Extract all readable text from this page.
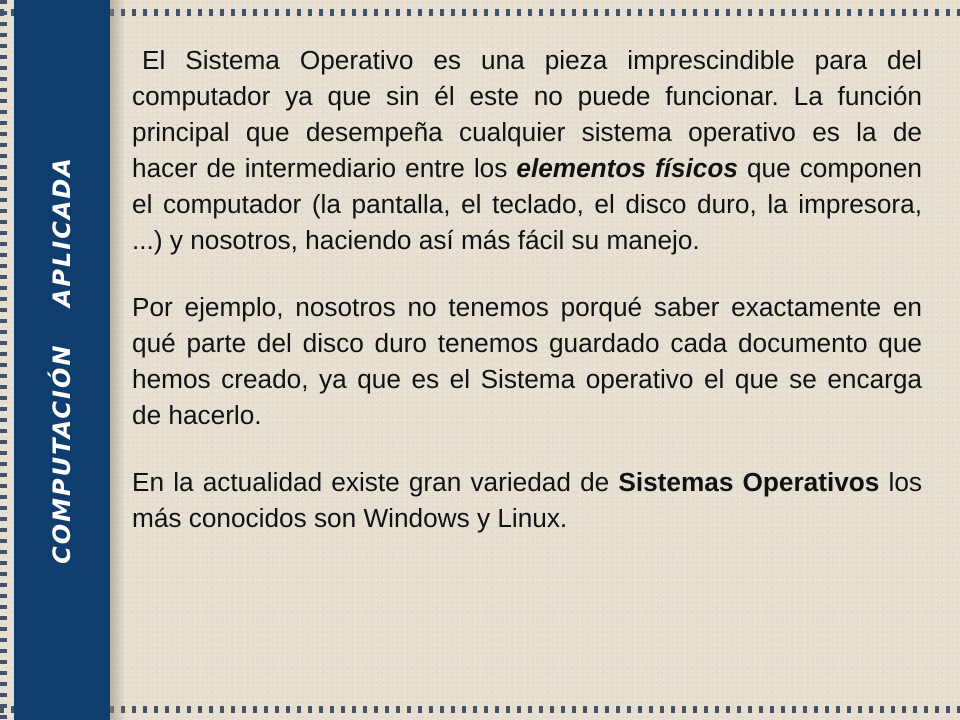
COMPUTACIÓN APLICADA

El Sistema Operativo es una pieza imprescindible para del computador ya que sin él este no puede funcionar. La función principal que desempeña cualquier sistema operativo es la de hacer de intermediario entre los elementos físicos que componen el computador (la pantalla, el teclado, el disco duro, la impresora, ...) y nosotros, haciendo así más fácil su manejo.

Por ejemplo, nosotros no tenemos porqué saber exactamente en qué parte del disco duro tenemos guardado cada documento que hemos creado, ya que es el Sistema operativo el que se encarga de hacerlo.

En la actualidad existe gran variedad de Sistemas Operativos los más conocidos son Windows y Linux.
